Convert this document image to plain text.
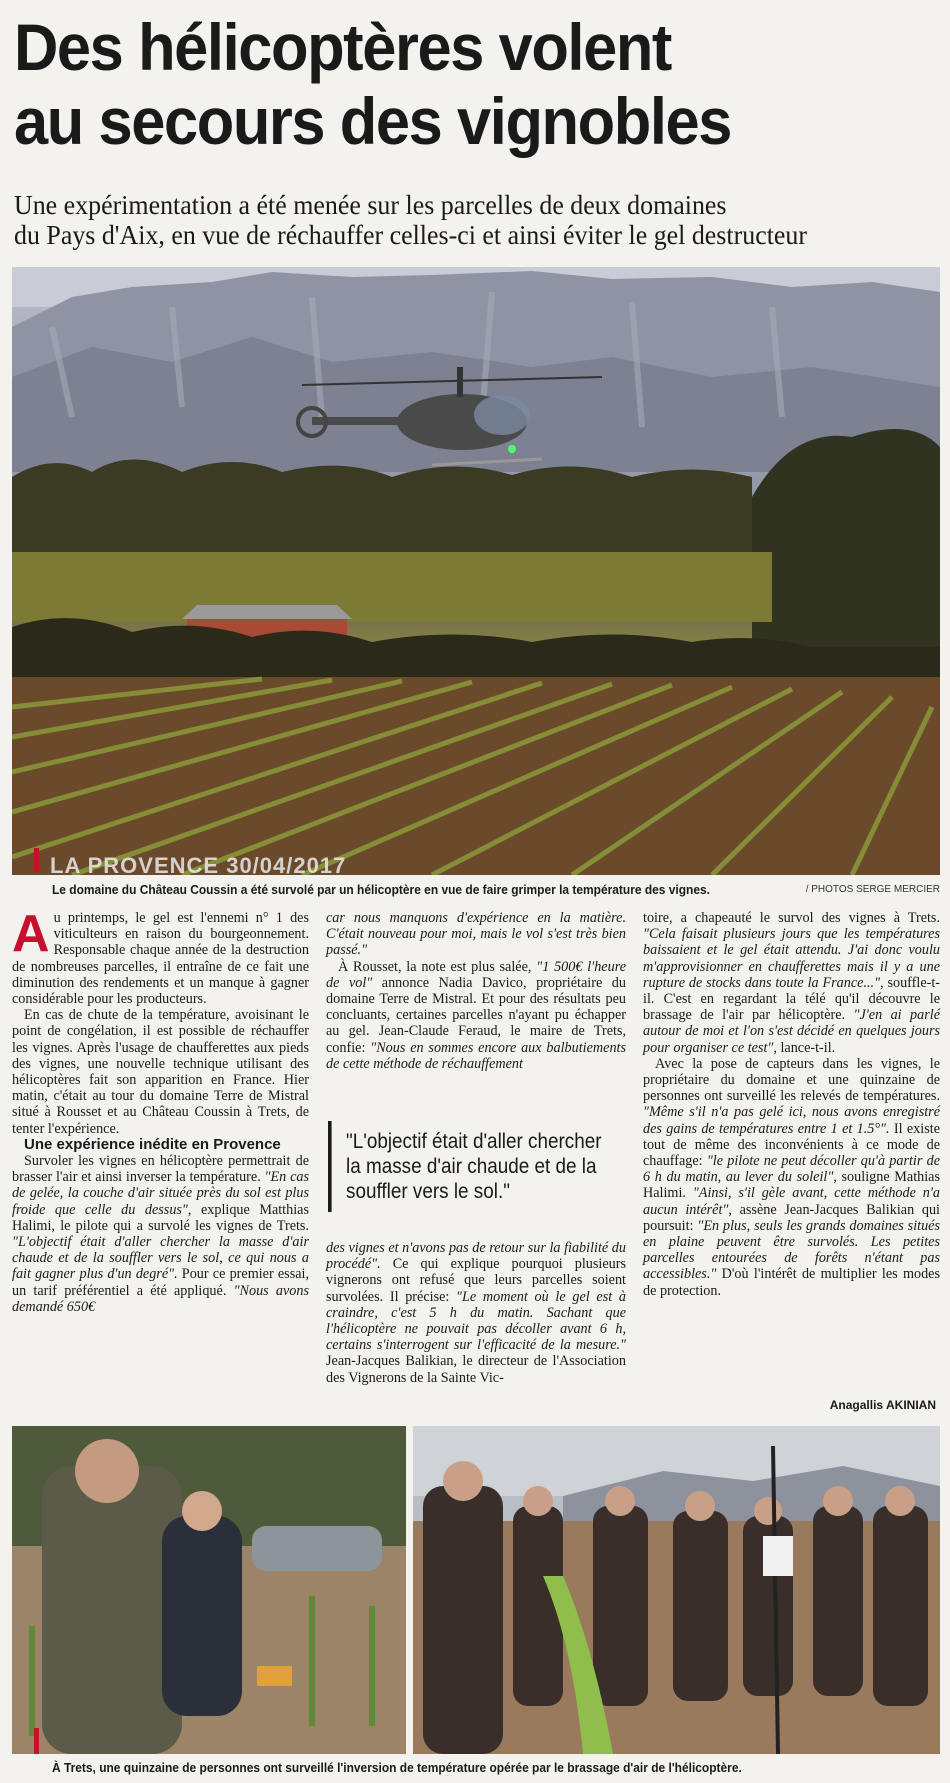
Des hélicoptères volent
au secours des vignobles
Une expérimentation a été menée sur les parcelles de deux domaines
du Pays d'Aix, en vue de réchauffer celles-ci et ainsi éviter le gel destructeur
LA PROVENCE 30/04/2017
Le domaine du Château Coussin a été survolé par un hélicoptère en vue de faire grimper la température des vignes.	/ PHOTOS SERGE MERCIER

Au printemps, le gel est l'ennemi n° 1 des viticulteurs en raison du bourgeonnement. Responsable chaque année de la destruction de nombreuses parcelles, il entraîne de ce fait une diminution des rendements et un manque à gagner considérable pour les producteurs.

En cas de chute de la température, avoisinant le point de congélation, il est possible de réchauffer les vignes. Après l'usage de chaufferettes aux pieds des vignes, une nouvelle technique utilisant des hélicoptères fait son apparition en France. Hier matin, c'était au tour du domaine Terre de Mistral situé à Rousset et au Château Coussin à Trets, de tenter l'expérience.

Une expérience inédite en Provence

Survoler les vignes en hélicoptère permettrait de brasser l'air et ainsi inverser la température. "En cas de gelée, la couche d'air située près du sol est plus froide que celle du dessus", explique Matthias Halimi, le pilote qui a survolé les vignes de Trets. "L'objectif était d'aller chercher la masse d'air chaude et de la souffler vers le sol, ce qui nous a fait gagner plus d'un degré". Pour ce premier essai, un tarif préférentiel a été appliqué. "Nous avons demandé 650€

car nous manquons d'expérience en la matière. C'était nouveau pour moi, mais le vol s'est très bien passé."

À Rousset, la note est plus salée, "1 500€ l'heure de vol" annonce Nadia Davico, propriétaire du domaine Terre de Mistral. Et pour des résultats peu concluants, certaines parcelles n'ayant pu échapper au gel. Jean-Claude Feraud, le maire de Trets, confie: "Nous en sommes encore aux balbutiements de cette méthode de réchauffement

"L'objectif était d'aller chercher la masse d'air chaude et de la souffler vers le sol."

des vignes et n'avons pas de retour sur la fiabilité du procédé". Ce qui explique pourquoi plusieurs vignerons ont refusé que leurs parcelles soient survolées. Il précise: "Le moment où le gel est à craindre, c'est 5 h du matin. Sachant que l'hélicoptère ne pouvait pas décoller avant 6 h, certains s'interrogent sur l'efficacité de la mesure." Jean-Jacques Balikian, le directeur de l'Association des Vignerons de la Sainte Vic-

toire, a chapeauté le survol des vignes à Trets. "Cela faisait plusieurs jours que les températures baissaient et le gel était attendu. J'ai donc voulu m'approvisionner en chaufferettes mais il y a une rupture de stocks dans toute la France...", souffle-t-il. C'est en regardant la télé qu'il découvre le brassage de l'air par hélicoptère. "J'en ai parlé autour de moi et l'on s'est décidé en quelques jours pour organiser ce test", lance-t-il.

Avec la pose de capteurs dans les vignes, le propriétaire du domaine et une quinzaine de personnes ont surveillé les relevés de températures. "Même s'il n'a pas gelé ici, nous avons enregistré des gains de températures entre 1 et 1.5°". Il existe tout de même des inconvénients à ce mode de chauffage: "le pilote ne peut décoller qu'à partir de 6 h du matin, au lever du soleil", souligne Mathias Halimi. "Ainsi, s'il gèle avant, cette méthode n'a aucun intérêt", assène Jean-Jacques Balikian qui poursuit: "En plus, seuls les grands domaines situés en plaine peuvent être survolés. Les petites parcelles entourées de forêts n'étant pas accessibles." D'où l'intérêt de multiplier les modes de protection.

Anagallis AKINIAN
À Trets, une quinzaine de personnes ont surveillé l'inversion de température opérée par le brassage d'air de l'hélicoptère.
